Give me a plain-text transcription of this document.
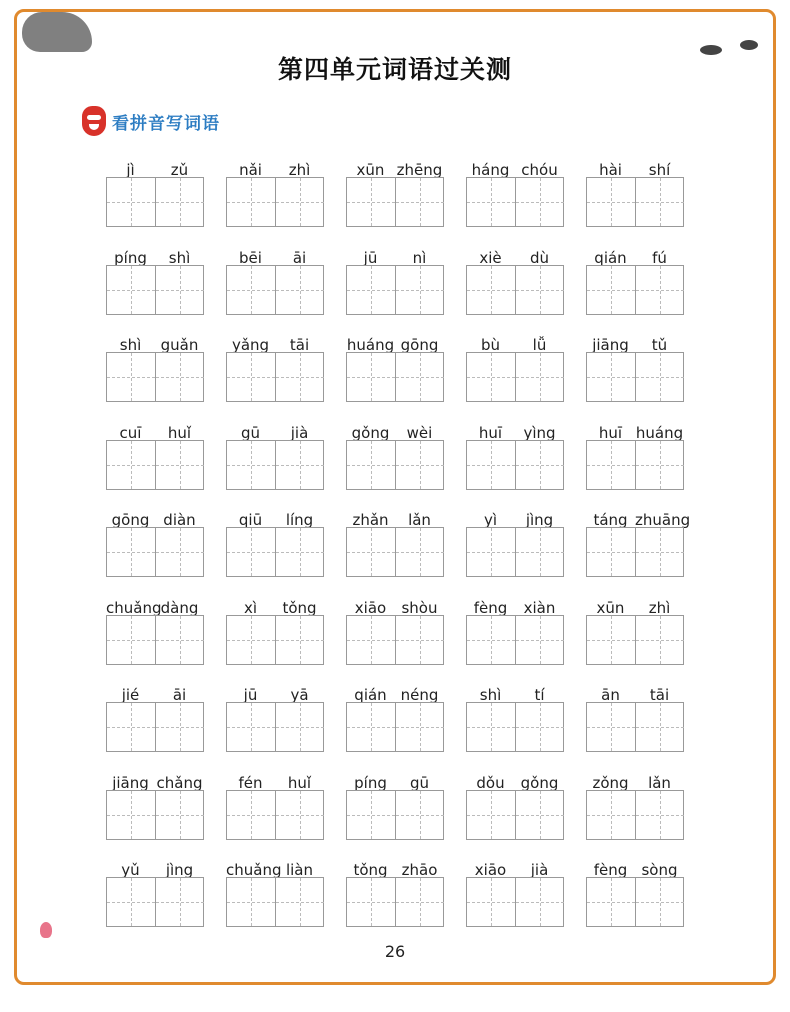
第四单元词语过关测
看拼音写词语
jì	zǔ	nǎi	zhì	xūn zhēng	háng chóu	hài	shí
píng	shì	bēi	āi	jū	nì	xiè	dù	qián	fú
shì	guǎn	yǎng	tāi	huáng gōng	bù	lǚ	jiāng	tǔ
cuī	huǐ	gū	jià	gǒng	wèi	huī	yìng	huī huáng
gōng diàn	qiū	líng	zhǎn	lǎn	yì	jìng	táng zhuāng
chuǎng dàng	xì	tǒng	xiāo	shòu	fèng	xiàn	xūn	zhì
jié	āi	jū	yā	qián néng	shì	tí	ān	tāi
jiāng chǎng	fén	huǐ	píng	gū	dǒu	gǒng	zǒng	lǎn
yǔ	jìng	chuǎng liàn	tǒng zhāo	xiāo	jià	fèng sòng
26
